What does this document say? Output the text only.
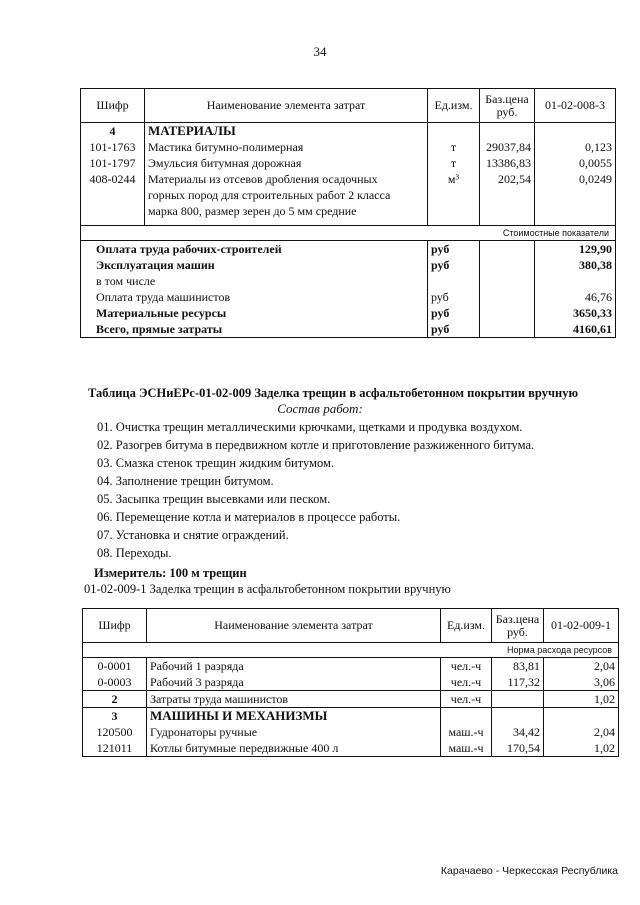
34
Шифр	Наименование элемента затрат	Ед.изм.	Баз.цена руб.	01-02-008-3
4	МАТЕРИАЛЫ			
101-1763	Мастика битумно-полимерная	т	29037,84	0,123
101-1797	Эмульсия битумная дорожная	т	13386,83	0,0055
408-0244	Материалы из отсевов дробления осадочных
горных пород для строительных работ 2 класса
марка 800, размер зерен до 5 мм средние	м³	202,54	0,0249

Стоимостные показатели				
Оплата труда рабочих-строителей		руб		129,90
Эксплуатация машин		руб		380,38
в том числе				
Оплата труда машинистов		руб		46,76
Материальные ресурсы		руб		3650,33
Всего, прямые затраты		руб		4160,61
Таблица ЭСНиЕРс-01-02-009 Заделка трещин в асфальтобетонном покрытии вручную
Состав работ:
01. Очистка трещин металлическими крючками, щетками и продувка воздухом.
02. Разогрев битума в передвижном котле и приготовление разжиженного битума.
03. Смазка стенок трещин жидким битумом.
04. Заполнение трещин битумом.
05. Засыпка трещин высевками или песком.
06. Перемещение котла и материалов в процессе работы.
07. Установка и снятие ограждений.
08. Переходы.
Измеритель: 100 м трещин
01-02-009-1 Заделка трещин в асфальтобетонном покрытии вручную
Шифр	Наименование элемента затрат	Ед.изм.	Баз.цена руб.	01-02-009-1
Норма расхода ресурсов				
0-0001	Рабочий 1 разряда	чел.-ч	83,81	2,04
0-0003	Рабочий 3 разряда	чел.-ч	117,32	3,06
2	Затраты труда машинистов	чел.-ч		1,02
3	МАШИНЫ И МЕХАНИЗМЫ			
120500	Гудронаторы ручные	маш.-ч	34,42	2,04
121011	Котлы битумные передвижные 400 л	маш.-ч	170,54	1,02
Карачаево - Черкесская Республика
